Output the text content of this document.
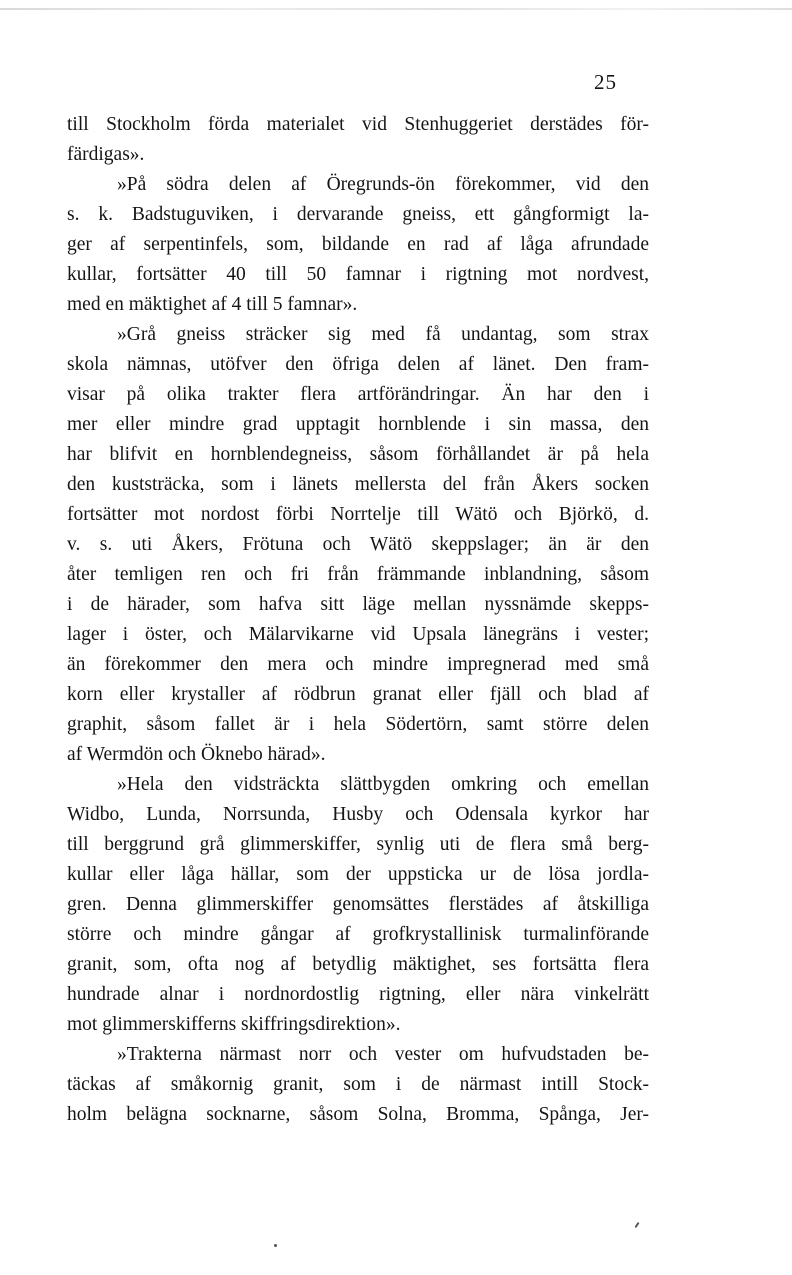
25
till Stockholm förda materialet vid Stenhuggeriet derstädes för-
färdigas».
»På södra delen af Öregrunds-ön förekommer, vid den
s. k. Badstuguviken, i dervarande gneiss, ett gångformigt la-
ger af serpentinfels, som, bildande en rad af låga afrundade
kullar, fortsätter 40 till 50 famnar i rigtning mot nordvest,
med en mäktighet af 4 till 5 famnar».
»Grå gneiss sträcker sig med få undantag, som strax
skola nämnas, utöfver den öfriga delen af länet. Den fram-
visar på olika trakter flera artförändringar. Än har den i
mer eller mindre grad upptagit hornblende i sin massa, den
har blifvit en hornblendegneiss, såsom förhållandet är på hela
den kuststräcka, som i länets mellersta del från Åkers socken
fortsätter mot nordost förbi Norrtelje till Wätö och Björkö, d.
v. s. uti Åkers, Frötuna och Wätö skeppslager; än är den
åter temligen ren och fri från främmande inblandning, såsom
i de härader, som hafva sitt läge mellan nyssnämde skepps-
lager i öster, och Mälarvikarne vid Upsala länegräns i vester;
än förekommer den mera och mindre impregnerad med små
korn eller krystaller af rödbrun granat eller fjäll och blad af
graphit, såsom fallet är i hela Södertörn, samt större delen
af Wermdön och Öknebo härad».
»Hela den vidsträckta slättbygden omkring och emellan
Widbo, Lunda, Norrsunda, Husby och Odensala kyrkor har
till berggrund grå glimmerskiffer, synlig uti de flera små berg-
kullar eller låga hällar, som der uppsticka ur de lösa jordla-
gren. Denna glimmerskiffer genomsättes flerstädes af åtskilliga
större och mindre gångar af grofkrystallinisk turmalinförande
granit, som, ofta nog af betydlig mäktighet, ses fortsätta flera
hundrade alnar i nordnordostlig rigtning, eller nära vinkelrätt
mot glimmerskifferns skiffringsdirektion».
»Trakterna närmast norr och vester om hufvudstaden be-
täckas af småkornig granit, som i de närmast intill Stock-
holm belägna socknarne, såsom Solna, Bromma, Spånga, Jer-
